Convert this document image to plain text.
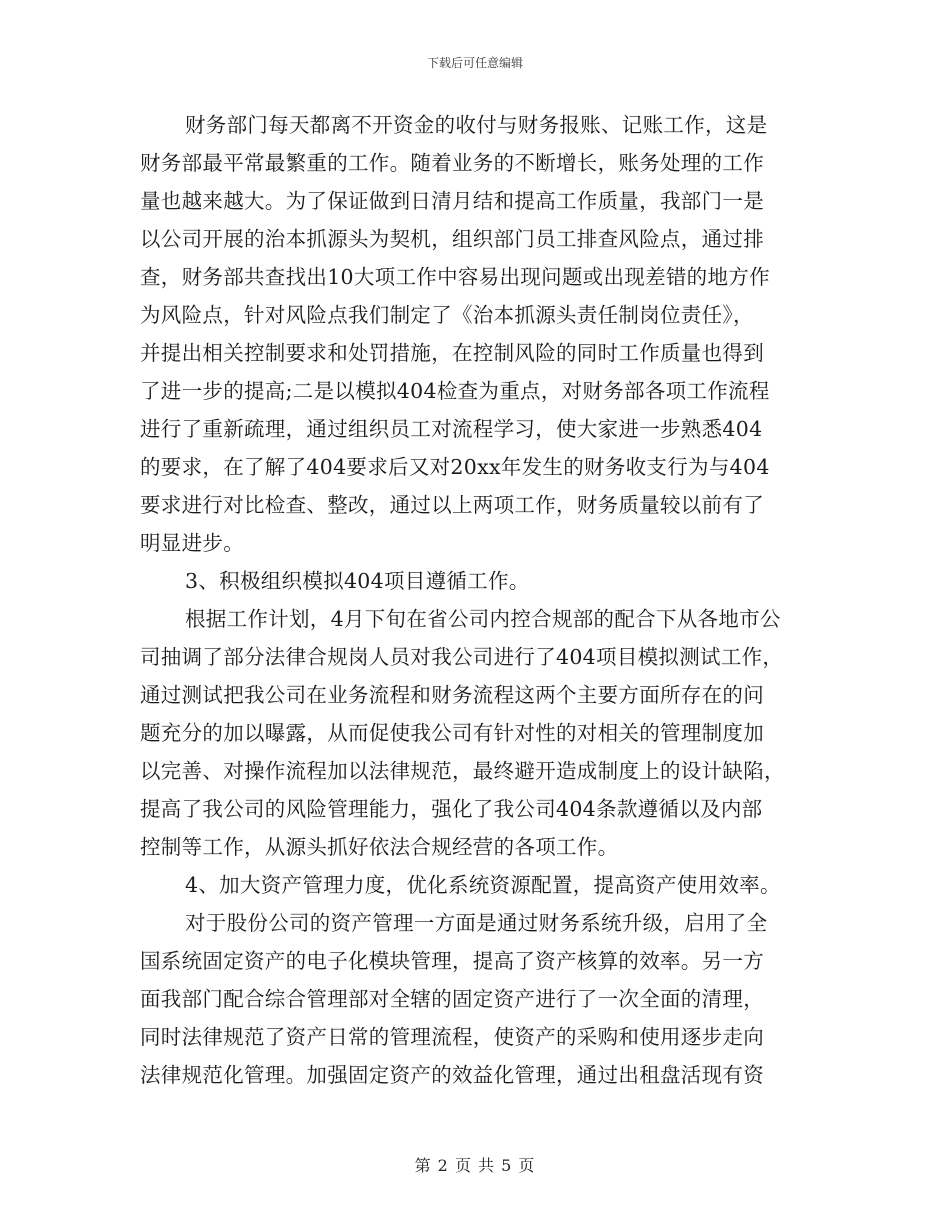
下载后可任意编辑
财务部门每天都离不开资金的收付与财务报账、记账工作，这是
财务部最平常最繁重的工作。随着业务的不断增长，账务处理的工作
量也越来越大。为了保证做到日清月结和提高工作质量，我部门一是
以公司开展的治本抓源头为契机，组织部门员工排查风险点，通过排
查，财务部共查找出10大项工作中容易出现问题或出现差错的地方作
为风险点，针对风险点我们制定了《治本抓源头责任制岗位责任》，
并提出相关控制要求和处罚措施，在控制风险的同时工作质量也得到
了进一步的提高;二是以模拟404检查为重点，对财务部各项工作流程
进行了重新疏理，通过组织员工对流程学习，使大家进一步熟悉404
的要求，在了解了404要求后又对20xx年发生的财务收支行为与404
要求进行对比检查、整改，通过以上两项工作，财务质量较以前有了
明显进步。
3、积极组织模拟404项目遵循工作。
根据工作计划，4月下旬在省公司内控合规部的配合下从各地市公
司抽调了部分法律合规岗人员对我公司进行了404项目模拟测试工作，
通过测试把我公司在业务流程和财务流程这两个主要方面所存在的问
题充分的加以曝露，从而促使我公司有针对性的对相关的管理制度加
以完善、对操作流程加以法律规范，最终避开造成制度上的设计缺陷，
提高了我公司的风险管理能力，强化了我公司404条款遵循以及内部
控制等工作，从源头抓好依法合规经营的各项工作。
4、加大资产管理力度，优化系统资源配置，提高资产使用效率。
对于股份公司的资产管理一方面是通过财务系统升级，启用了全
国系统固定资产的电子化模块管理，提高了资产核算的效率。另一方
面我部门配合综合管理部对全辖的固定资产进行了一次全面的清理，
同时法律规范了资产日常的管理流程，使资产的采购和使用逐步走向
法律规范化管理。加强固定资产的效益化管理，通过出租盘活现有资
第 2 页 共 5 页
